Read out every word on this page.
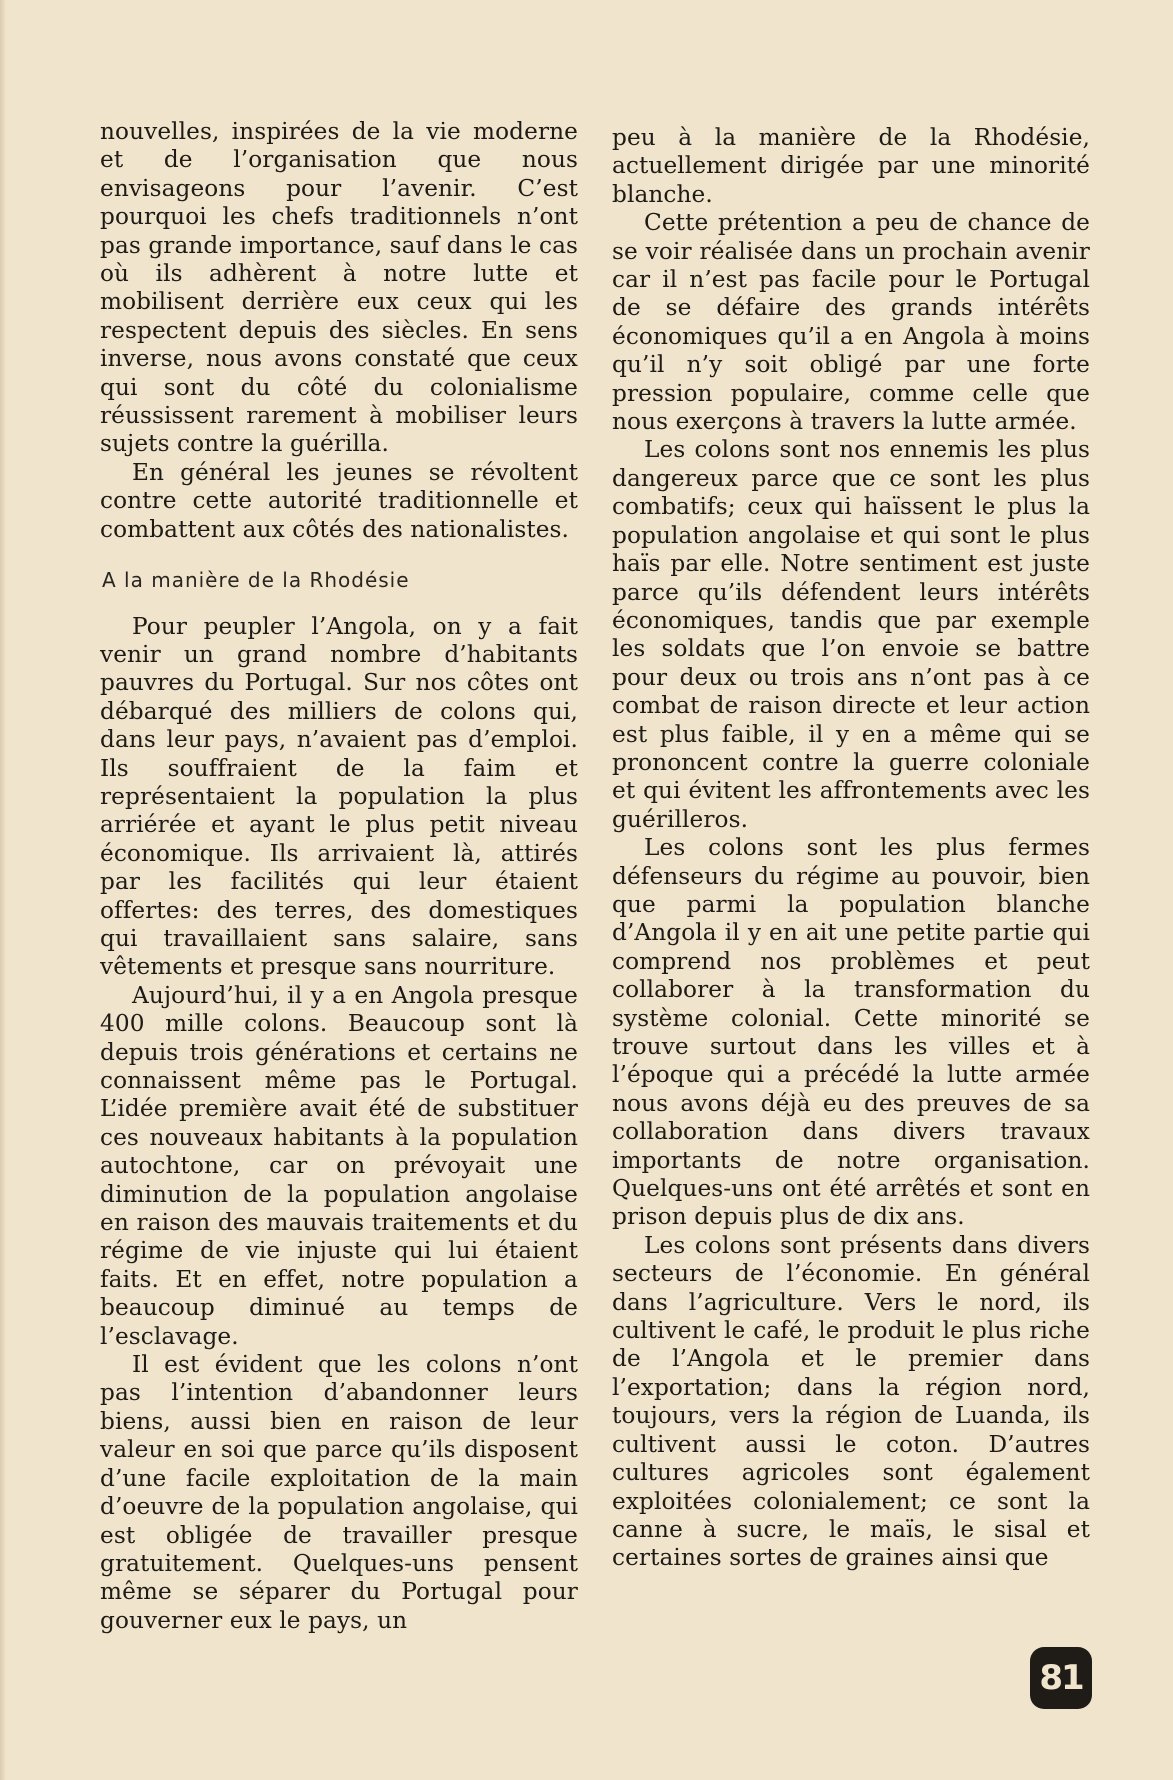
nouvelles, inspirées de la vie moderne et de l’organisation que nous envisageons pour l’avenir. C’est pourquoi les chefs traditionnels n’ont pas grande importance, sauf dans le cas où ils adhèrent à notre lutte et mobilisent derrière eux ceux qui les respectent depuis des siècles. En sens inverse, nous avons constaté que ceux qui sont du côté du colonialisme réussissent rarement à mobiliser leurs sujets contre la guérilla.

En général les jeunes se révoltent contre cette autorité traditionnelle et combattent aux côtés des nationalistes.

A la manière de la Rhodésie

Pour peupler l’Angola, on y a fait venir un grand nombre d’habitants pauvres du Portugal. Sur nos côtes ont débarqué des milliers de colons qui, dans leur pays, n’avaient pas d’emploi. Ils souffraient de la faim et représentaient la population la plus arriérée et ayant le plus petit niveau économique. Ils arrivaient là, attirés par les facilités qui leur étaient offertes: des terres, des domestiques qui travaillaient sans salaire, sans vêtements et presque sans nourriture.

Aujourd’hui, il y a en Angola presque 400 mille colons. Beaucoup sont là depuis trois générations et certains ne connaissent même pas le Portugal. L’idée première avait été de substituer ces nouveaux habitants à la population autochtone, car on prévoyait une diminution de la population angolaise en raison des mauvais traitements et du régime de vie injuste qui lui étaient faits. Et en effet, notre population a beaucoup diminué au temps de l’esclavage.

Il est évident que les colons n’ont pas l’intention d’abandonner leurs biens, aussi bien en raison de leur valeur en soi que parce qu’ils disposent d’une facile exploitation de la main d’oeuvre de la population angolaise, qui est obligée de travailler presque gratuitement. Quelques-uns pensent même se séparer du Portugal pour gouverner eux le pays, un

peu à la manière de la Rhodésie, actuellement dirigée par une minorité blanche.

Cette prétention a peu de chance de se voir réalisée dans un prochain avenir car il n’est pas facile pour le Portugal de se défaire des grands intérêts économiques qu’il a en Angola à moins qu’il n’y soit obligé par une forte pression populaire, comme celle que nous exerçons à travers la lutte armée.

Les colons sont nos ennemis les plus dangereux parce que ce sont les plus combatifs; ceux qui haïssent le plus la population angolaise et qui sont le plus haïs par elle. Notre sentiment est juste parce qu’ils défendent leurs intérêts économiques, tandis que par exemple les soldats que l’on envoie se battre pour deux ou trois ans n’ont pas à ce combat de raison directe et leur action est plus faible, il y en a même qui se prononcent contre la guerre coloniale et qui évitent les affrontements avec les guérilleros.

Les colons sont les plus fermes défenseurs du régime au pouvoir, bien que parmi la population blanche d’Angola il y en ait une petite partie qui comprend nos problèmes et peut collaborer à la transformation du système colonial. Cette minorité se trouve surtout dans les villes et à l’époque qui a précédé la lutte armée nous avons déjà eu des preuves de sa collaboration dans divers travaux importants de notre organisation. Quelques-uns ont été arrêtés et sont en prison depuis plus de dix ans.

Les colons sont présents dans divers secteurs de l’économie. En général dans l’agriculture. Vers le nord, ils cultivent le café, le produit le plus riche de l’Angola et le premier dans l’exportation; dans la région nord, toujours, vers la région de Luanda, ils cultivent aussi le coton. D’autres cultures agricoles sont également exploitées colonialement; ce sont la canne à sucre, le maïs, le sisal et certaines sortes de graines ainsi que

81
